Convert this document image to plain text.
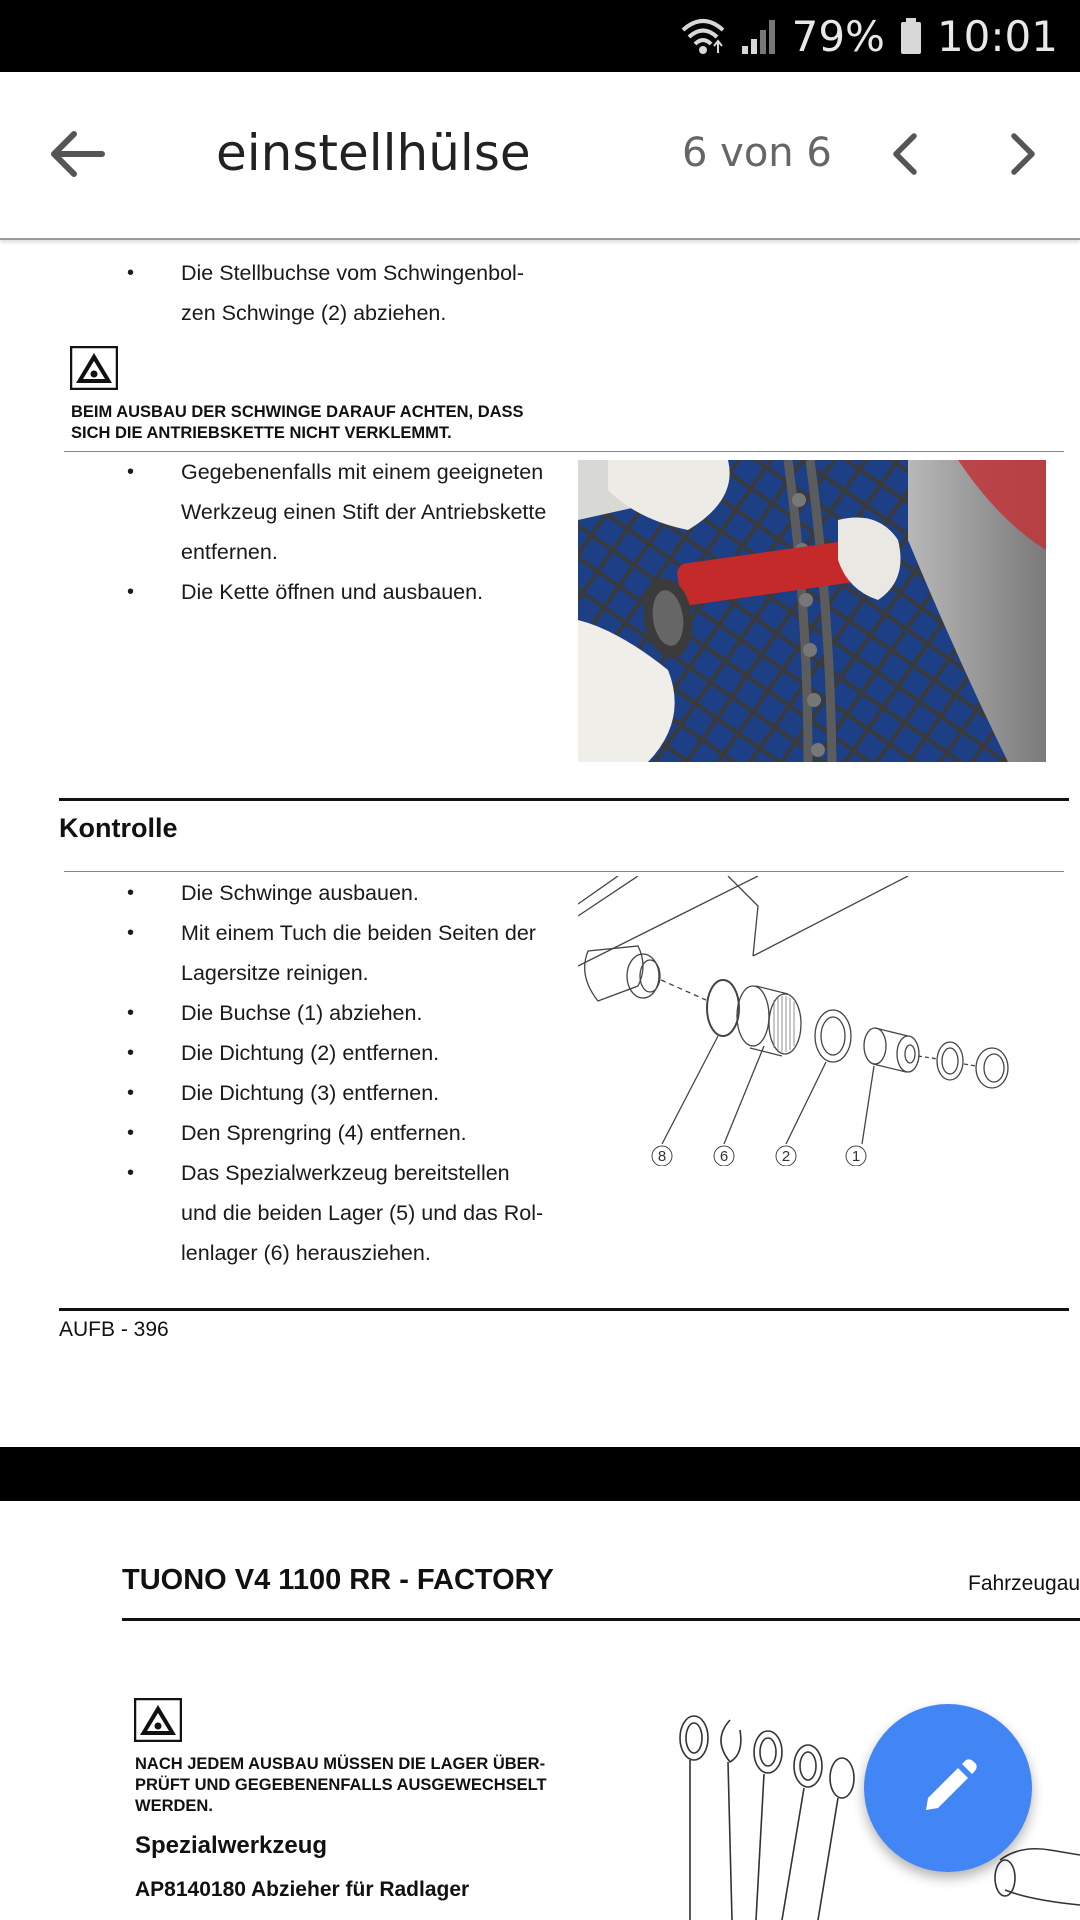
79% 10:01
einstellhülse	6 von 6
•	Die Stellbuchse vom Schwingenbol-
zen Schwinge (2) abziehen.
BEIM AUSBAU DER SCHWINGE DARAUF ACHTEN, DASS
SICH DIE ANTRIEBSKETTE NICHT VERKLEMMT.
•	Gegebenenfalls mit einem geeigneten
Werkzeug einen Stift der Antriebskette
entfernen.
•	Die Kette öffnen und ausbauen.
Kontrolle
•	Die Schwinge ausbauen.
•	Mit einem Tuch die beiden Seiten der
Lagersitze reinigen.
•	Die Buchse (1) abziehen.
•	Die Dichtung (2) entfernen.
•	Die Dichtung (3) entfernen.
•	Den Sprengring (4) entfernen.
•	Das Spezialwerkzeug bereitstellen
und die beiden Lager (5) und das Rol-
lenlager (6) herausziehen.
8	6	2	1
AUFB - 396
TUONO V4 1100 RR - FACTORY	Fahrzeugau
NACH JEDEM AUSBAU MÜSSEN DIE LAGER ÜBER-
PRÜFT UND GEGEBENENFALLS AUSGEWECHSELT
WERDEN.
Spezialwerkzeug
AP8140180 Abzieher für Radlager
